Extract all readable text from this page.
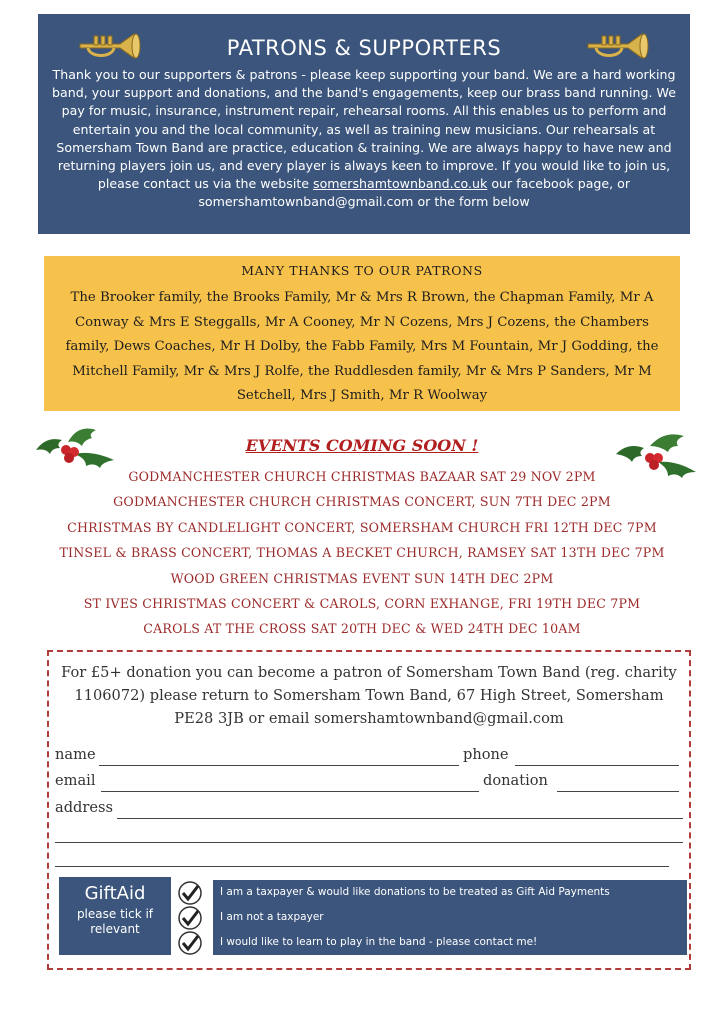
PATRONS & SUPPORTERS
Thank you to our supporters & patrons - please keep supporting your band. We are a hard working band, your support and donations, and the band's engagements, keep our brass band running. We pay for music, insurance, instrument repair, rehearsal rooms. All this enables us to perform and entertain you and the local community, as well as training new musicians. Our rehearsals at Somersham Town Band are practice, education & training. We are always happy to have new and returning players join us, and every player is always keen to improve. If you would like to join us, please contact us via the website somershamtownband.co.uk our facebook page, or somershamtownband@gmail.com or the form below
MANY THANKS TO OUR PATRONS
The Brooker family, the Brooks Family, Mr & Mrs R Brown, the Chapman Family, Mr A Conway & Mrs E Steggalls, Mr A Cooney, Mr N Cozens, Mrs J Cozens, the Chambers family, Dews Coaches, Mr H Dolby, the Fabb Family, Mrs M Fountain, Mr J Godding, the Mitchell Family, Mr & Mrs J Rolfe, the Ruddlesden family, Mr & Mrs P Sanders, Mr M Setchell, Mrs J Smith, Mr R Woolway
EVENTS COMING SOON !
GODMANCHESTER CHURCH CHRISTMAS BAZAAR SAT 29 NOV 2PM
GODMANCHESTER CHURCH CHRISTMAS CONCERT, SUN 7TH DEC 2PM
CHRISTMAS BY CANDLELIGHT CONCERT, SOMERSHAM CHURCH FRI 12TH DEC 7PM
TINSEL & BRASS CONCERT, THOMAS A BECKET CHURCH, RAMSEY SAT 13TH DEC 7PM
WOOD GREEN CHRISTMAS EVENT SUN 14TH DEC 2PM
ST IVES CHRISTMAS CONCERT & CAROLS, CORN EXHANGE, FRI 19TH DEC 7PM
CAROLS AT THE CROSS SAT 20TH DEC & WED 24TH DEC 10AM
For £5+ donation you can become a patron of Somersham Town Band (reg. charity 1106072) please return to Somersham Town Band, 67 High Street, Somersham PE28 3JB or email somershamtownband@gmail.com
name	phone
email	donation
address
GiftAid
please tick if relevant
I am a taxpayer & would like donations to be treated as Gift Aid Payments
I am not a taxpayer
I would like to learn to play in the band - please contact me!
